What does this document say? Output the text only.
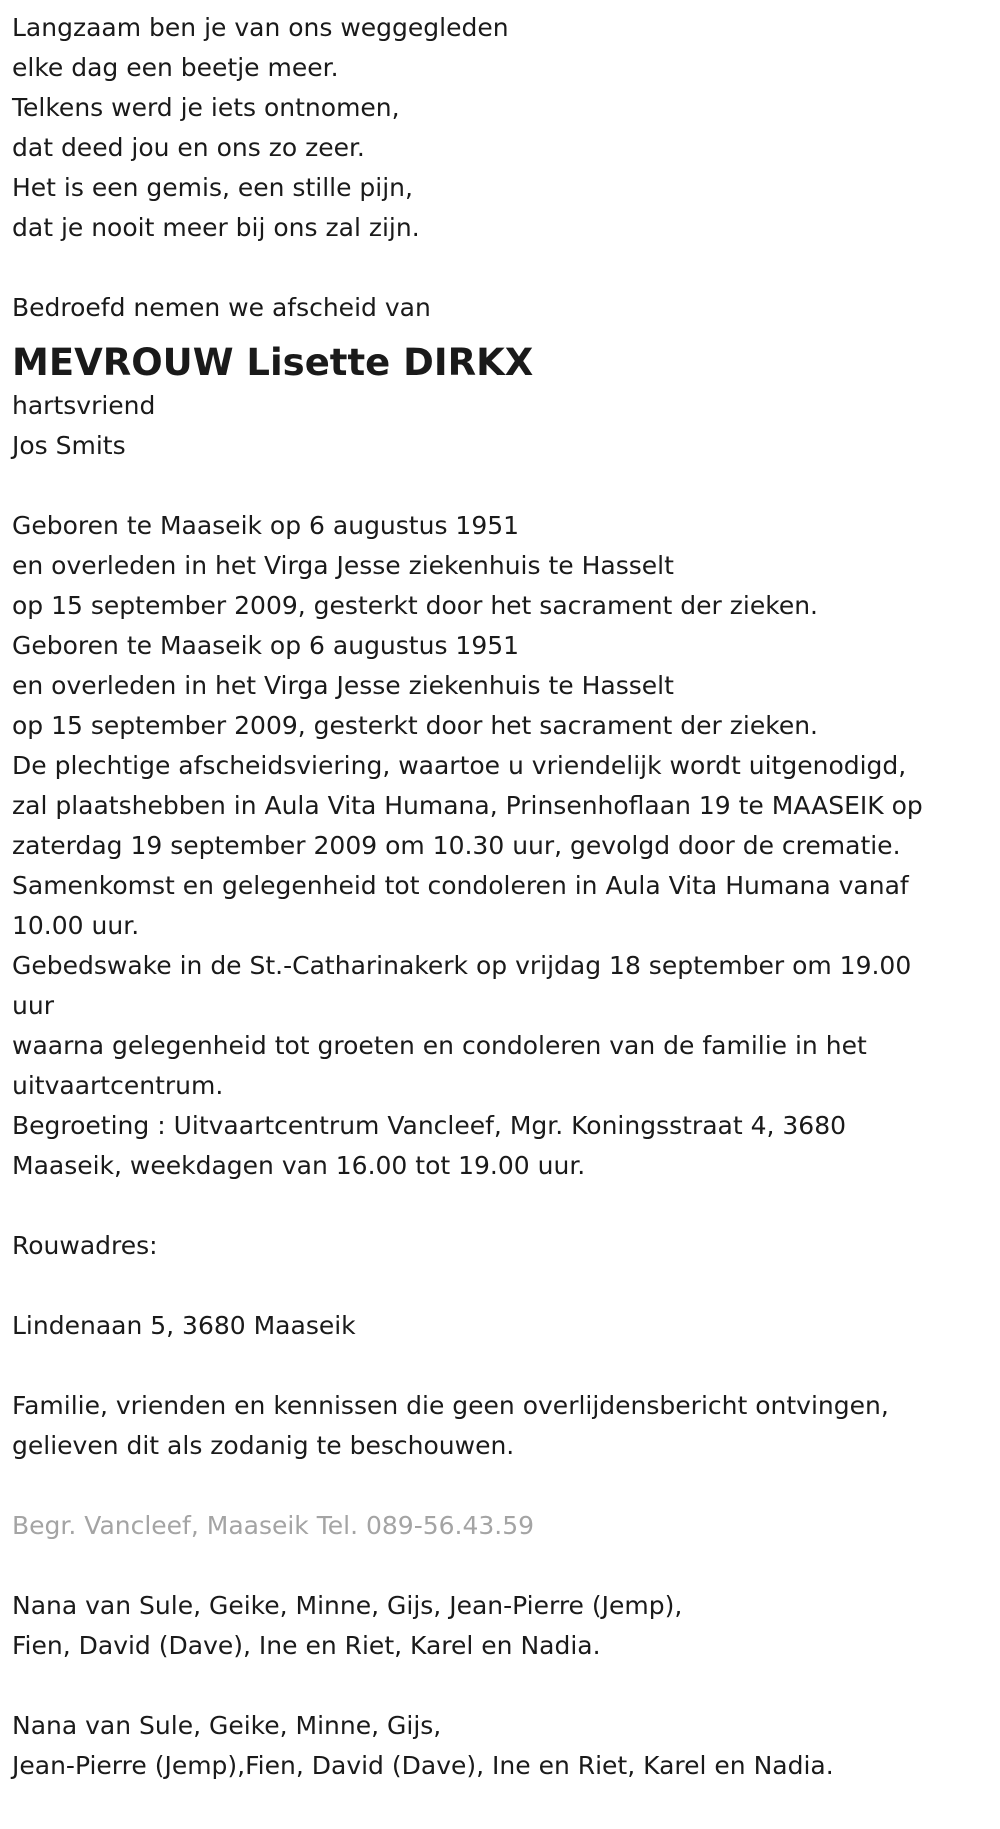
Langzaam ben je van ons weggegleden
elke dag een beetje meer.
Telkens werd je iets ontnomen,
dat deed jou en ons zo zeer.
Het is een gemis, een stille pijn,
dat je nooit meer bij ons zal zijn.
Bedroefd nemen we afscheid van
MEVROUW Lisette DIRKX
hartsvriend
Jos Smits
Geboren te Maaseik op 6 augustus 1951
en overleden in het Virga Jesse ziekenhuis te Hasselt
op 15 september 2009, gesterkt door het sacrament der zieken.
Geboren te Maaseik op 6 augustus 1951
en overleden in het Virga Jesse ziekenhuis te Hasselt
op 15 september 2009, gesterkt door het sacrament der zieken.
De plechtige afscheidsviering, waartoe u vriendelijk wordt uitgenodigd,
zal plaatshebben in Aula Vita Humana, Prinsenhoflaan 19 te MAASEIK op
zaterdag 19 september 2009 om 10.30 uur, gevolgd door de crematie.
Samenkomst en gelegenheid tot condoleren in Aula Vita Humana vanaf
10.00 uur.
Gebedswake in de St.-Catharinakerk op vrijdag 18 september om 19.00
uur
waarna gelegenheid tot groeten en condoleren van de familie in het
uitvaartcentrum.
Begroeting : Uitvaartcentrum Vancleef, Mgr. Koningsstraat 4, 3680
Maaseik, weekdagen van 16.00 tot 19.00 uur.
Rouwadres:
Lindenaan 5, 3680 Maaseik
Familie, vrienden en kennissen die geen overlijdensbericht ontvingen,
gelieven dit als zodanig te beschouwen.
Begr. Vancleef, Maaseik Tel. 089-56.43.59
Nana van Sule, Geike, Minne, Gijs, Jean-Pierre (Jemp),
Fien, David (Dave), Ine en Riet, Karel en Nadia.
Nana van Sule, Geike, Minne, Gijs,
Jean-Pierre (Jemp),Fien, David (Dave), Ine en Riet, Karel en Nadia.
